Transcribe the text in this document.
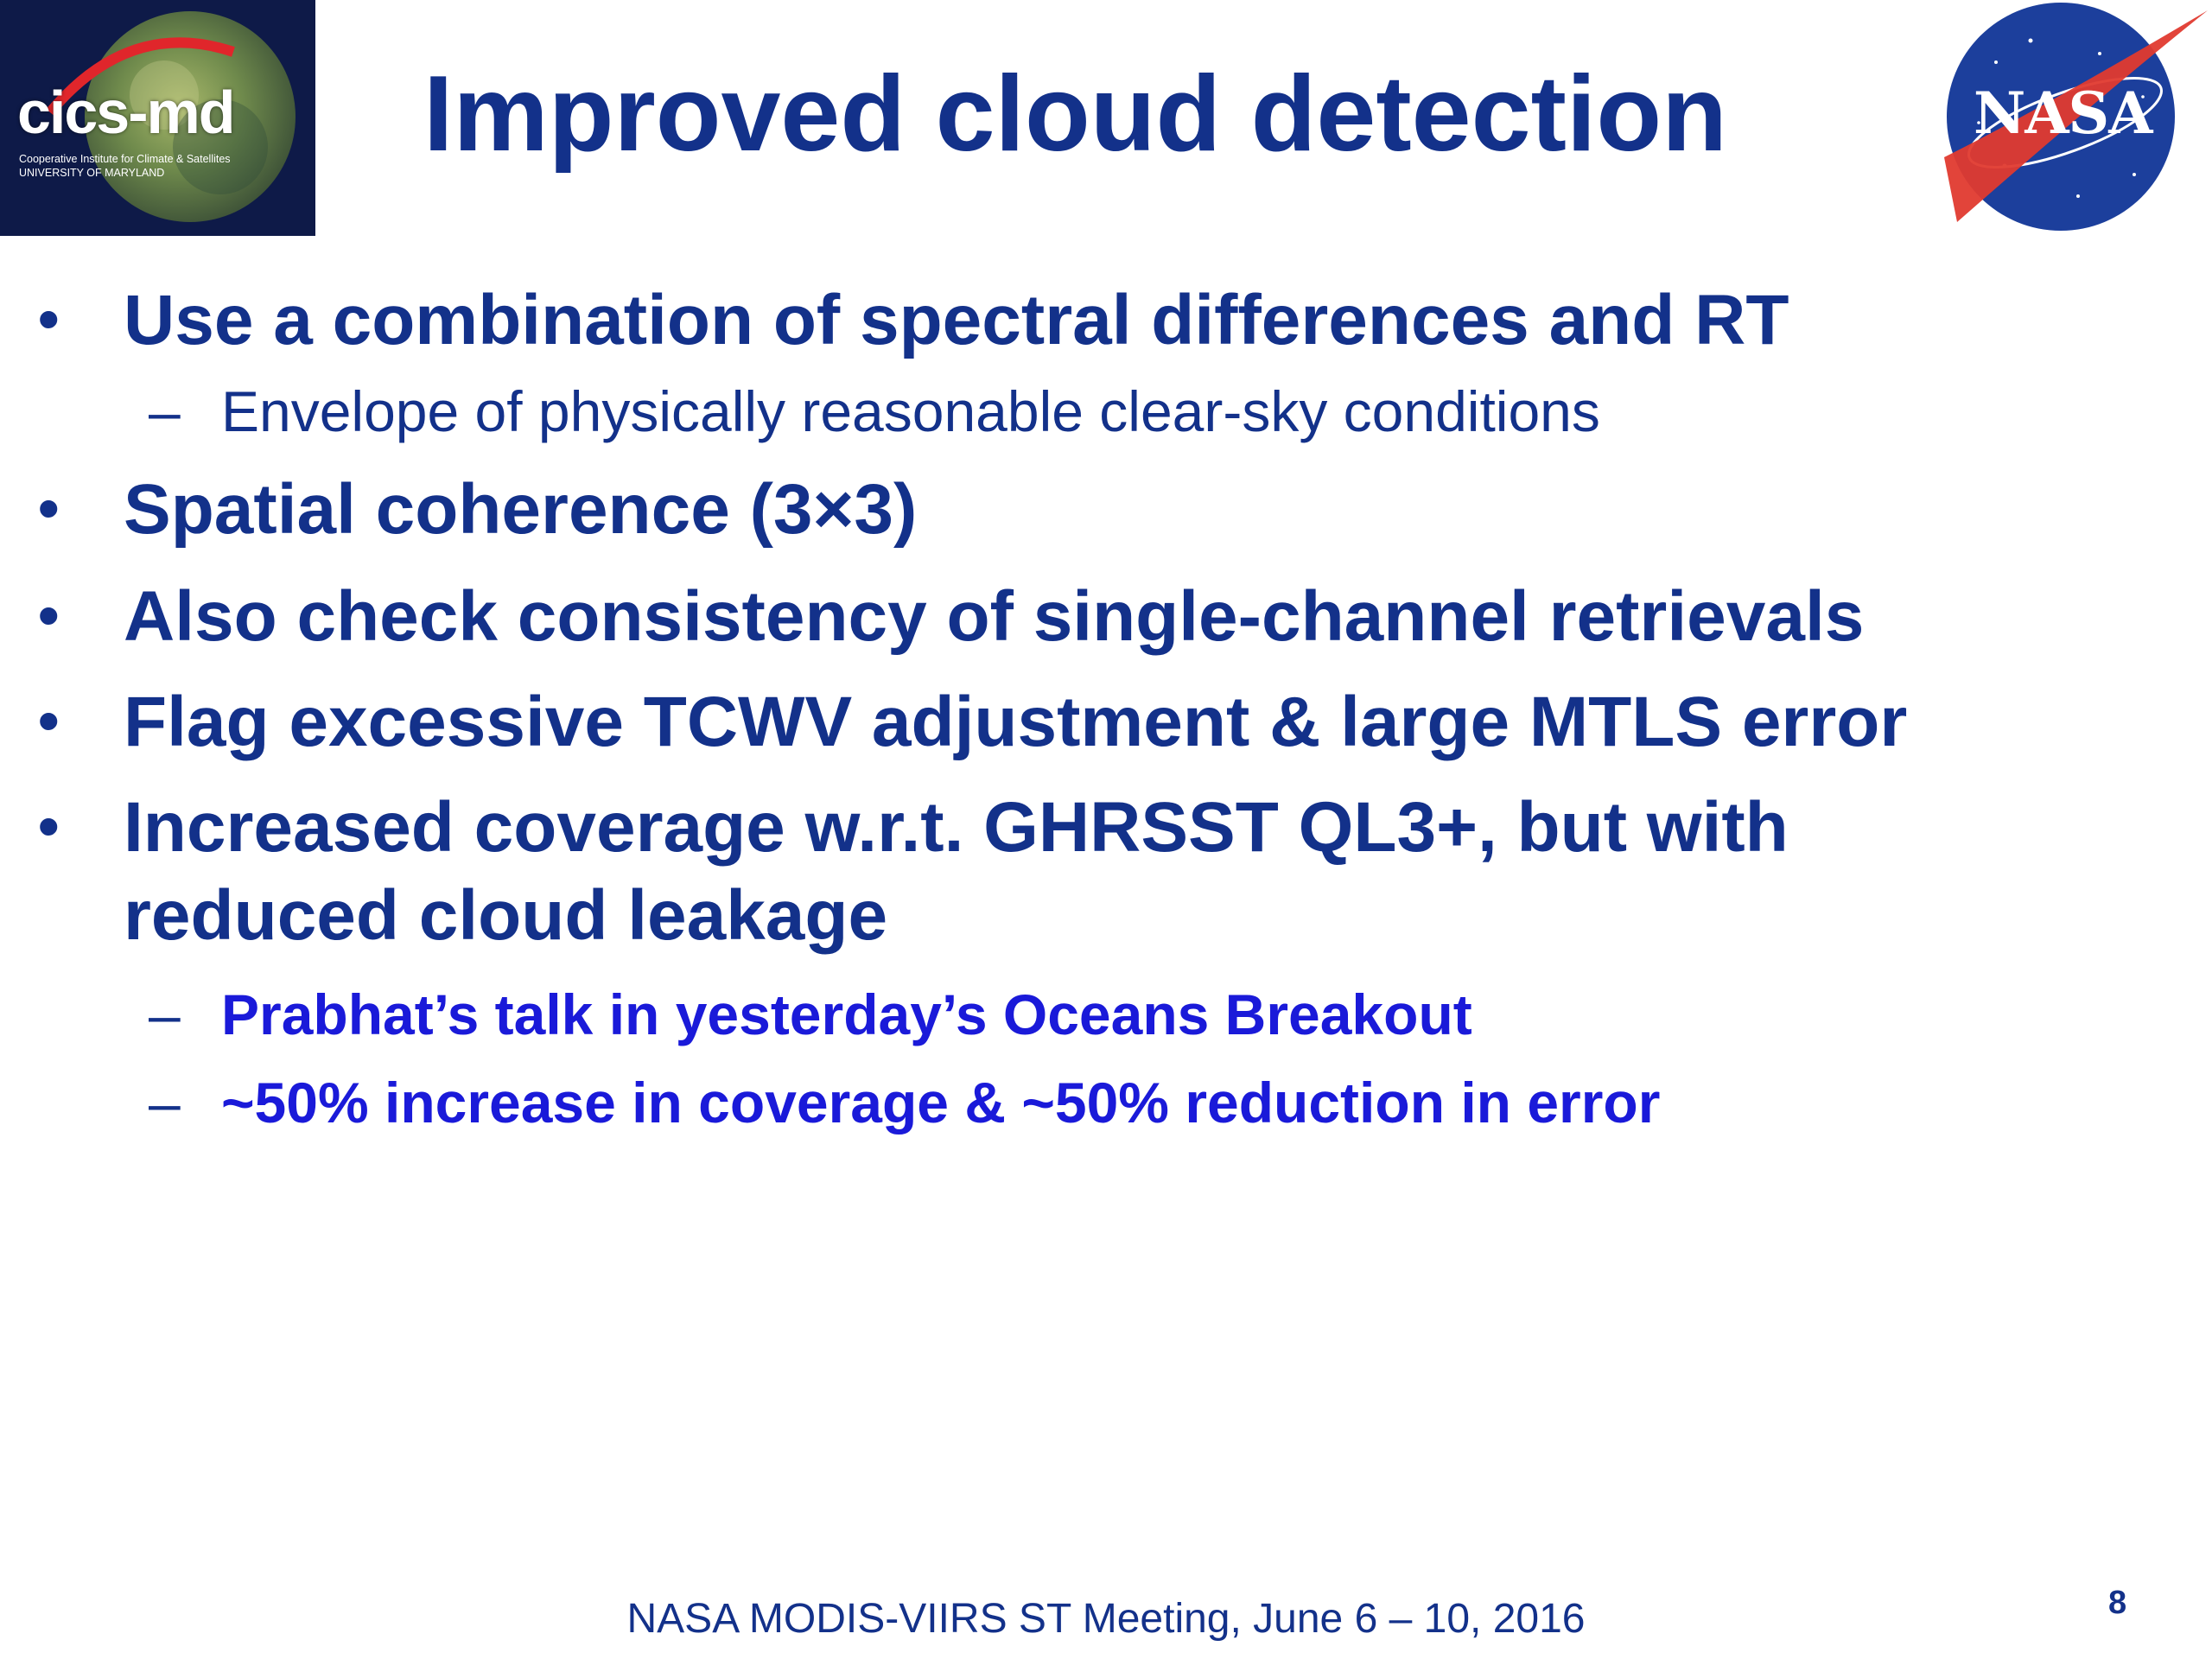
cics-md
Cooperative Institute for Climate & Satellites
UNIVERSITY OF MARYLAND Improved cloud detection	NASA
• Use a combination of spectral differences and RT
– Envelope of physically reasonable clear-sky conditions
• Spatial coherence (3×3)
• Also check consistency of single-channel retrievals
• Flag excessive TCWV adjustment & large MTLS error
• Increased coverage w.r.t. GHRSST QL3+, but with
reduced cloud leakage
– Prabhat’s talk in yesterday’s Oceans Breakout
– ~50% increase in coverage & ~50% reduction in error
NASA MODIS-VIIRS ST Meeting, June 6 – 10, 2016	8
